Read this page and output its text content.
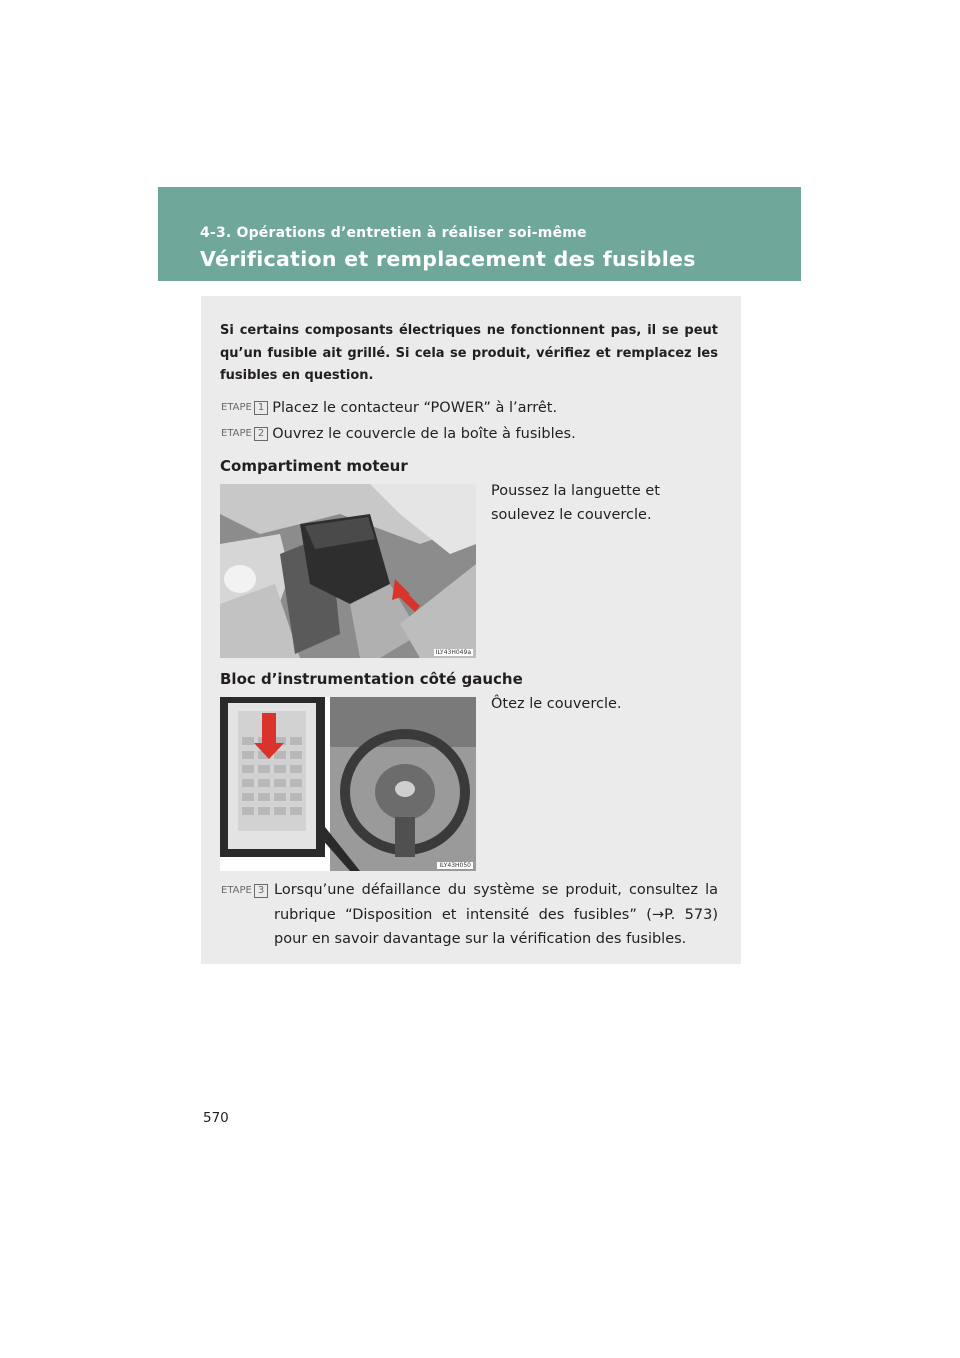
4-3. Opérations d’entretien à réaliser soi-même
Vérification et remplacement des fusibles
Si certains composants électriques ne fonctionnent pas, il se peut qu’un fusible ait grillé. Si cela se produit, vérifiez et remplacez les fusibles en question.
ETAPE 1 Placez le contacteur “POWER” à l’arrêt.
ETAPE 2 Ouvrez le couvercle de la boîte à fusibles.
Compartiment moteur
Poussez la languette et soulevez le couvercle.
ILY43H049a
Bloc d’instrumentation côté gauche
Ôtez le couvercle.
ILY43H050
ETAPE 3 Lorsqu’une défaillance du système se produit, consultez la rubrique “Disposition et intensité des fusibles” (→P. 573) pour en savoir davantage sur la vérification des fusibles.
570
